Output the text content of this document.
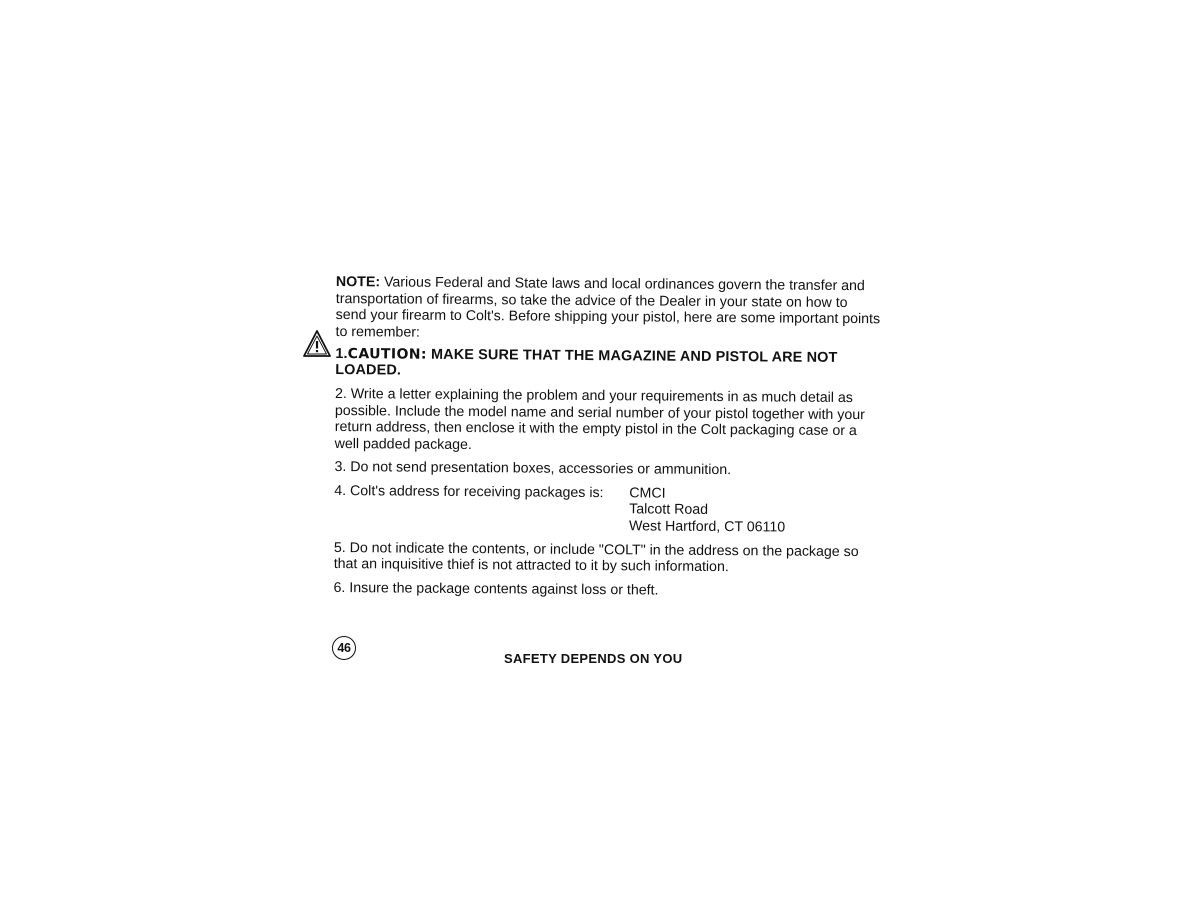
NOTE: Various Federal and State laws and local ordinances govern the transfer and transportation of firearms, so take the advice of the Dealer in your state on how to send your firearm to Colt's. Before shipping your pistol, here are some important points to remember:

1.CAUTION: MAKE SURE THAT THE MAGAZINE AND PISTOL ARE NOT LOADED.

2. Write a letter explaining the problem and your requirements in as much detail as possible. Include the model name and serial number of your pistol together with your return address, then enclose it with the empty pistol in the Colt packaging case or a well padded package.

3. Do not send presentation boxes, accessories or ammunition.

4. Colt's address for receiving packages is: CMCI
Talcott Road
West Hartford, CT 06110

5. Do not indicate the contents, or include "COLT" in the address on the package so that an inquisitive thief is not attracted to it by such information.

6. Insure the package contents against loss or theft.

46
SAFETY DEPENDS ON YOU
